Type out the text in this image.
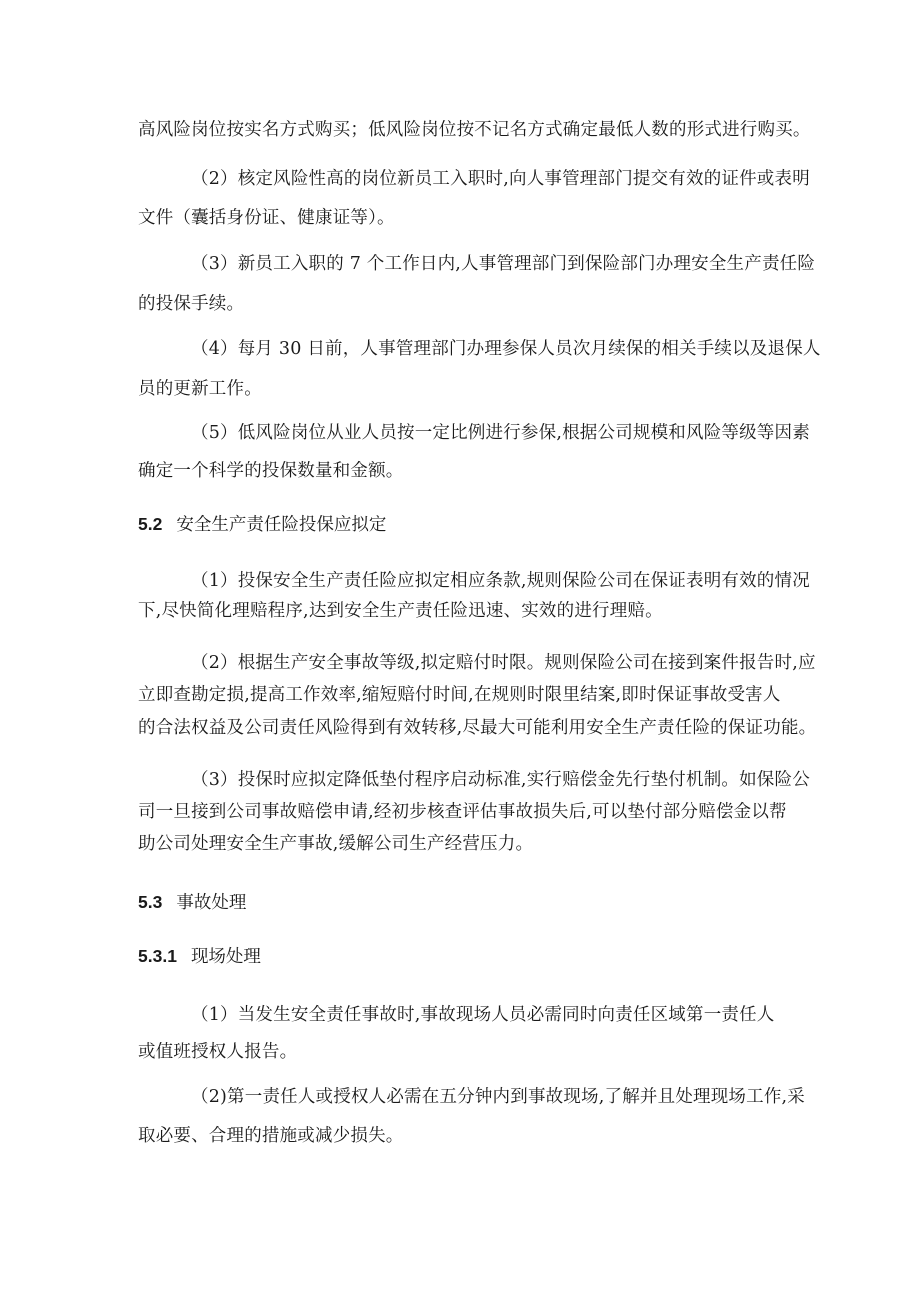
高风险岗位按实名方式购买；低风险岗位按不记名方式确定最低人数的形式进行购买。
（2）核定风险性高的岗位新员工入职时,向人事管理部门提交有效的证件或表明
文件（囊括身份证、健康证等）。
（3）新员工入职的 7 个工作日内,人事管理部门到保险部门办理安全生产责任险
的投保手续。
（4）每月 30 日前，人事管理部门办理参保人员次月续保的相关手续以及退保人
员的更新工作。
（5）低风险岗位从业人员按一定比例进行参保,根据公司规模和风险等级等因素
确定一个科学的投保数量和金额。
5.2 安全生产责任险投保应拟定
（1）投保安全生产责任险应拟定相应条款,规则保险公司在保证表明有效的情况
下,尽快简化理赔程序,达到安全生产责任险迅速、实效的进行理赔。
（2）根据生产安全事故等级,拟定赔付时限。规则保险公司在接到案件报告时,应
立即查勘定损,提高工作效率,缩短赔付时间,在规则时限里结案,即时保证事故受害人
的合法权益及公司责任风险得到有效转移,尽最大可能利用安全生产责任险的保证功能。
（3）投保时应拟定降低垫付程序启动标准,实行赔偿金先行垫付机制。如保险公
司一旦接到公司事故赔偿申请,经初步核查评估事故损失后,可以垫付部分赔偿金以帮
助公司处理安全生产事故,缓解公司生产经营压力。
5.3 事故处理
5.3.1 现场处理
（1）当发生安全责任事故时,事故现场人员必需同时向责任区域第一责任人
或值班授权人报告。
（2)第一责任人或授权人必需在五分钟内到事故现场,了解并且处理现场工作,采
取必要、合理的措施或减少损失。
